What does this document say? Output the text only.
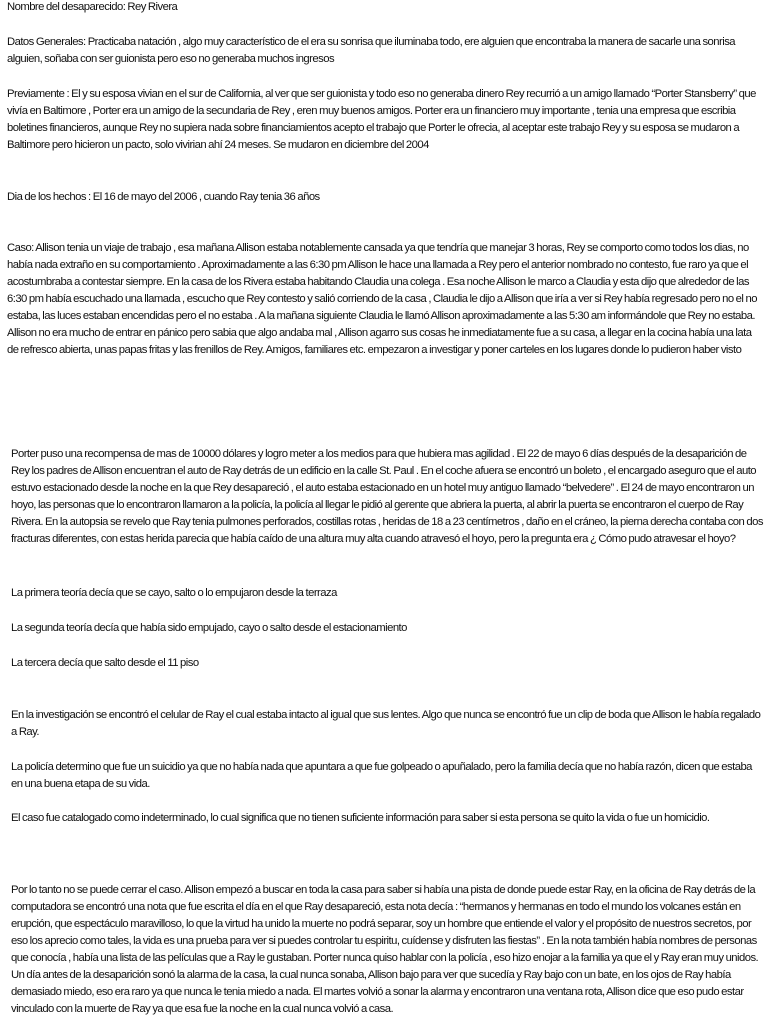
Nombre del desaparecido: Rey Rivera

Datos Generales: Practicaba natación , algo muy característico de el era su sonrisa que iluminaba todo, ere alguien que encontraba la manera de sacarle una sonrisa alguien, soñaba con ser guionista pero eso no generaba muchos ingresos

Previamente : El y su esposa vivian en el sur de California, al ver que ser guionista y todo eso no generaba dinero Rey recurrió a un amigo llamado “Porter Stansberry” que vivía en Baltimore , Porter era un amigo de la secundaria de Rey , eren muy buenos amigos. Porter era un financiero muy importante , tenia una empresa que escribia boletines financieros, aunque Rey no supiera nada sobre financiamientos acepto el trabajo que Porter le ofrecia, al aceptar este trabajo Rey y su esposa se mudaron a Baltimore pero hicieron un pacto, solo vivirian ahí 24 meses. Se mudaron en diciembre del 2004

Dia de los hechos : El 16 de mayo del 2006 , cuando Ray tenia 36 años

Caso: Allison tenia un viaje de trabajo , esa mañana Allison estaba notablemente cansada ya que tendría que manejar 3 horas, Rey se comporto como todos los dias, no había nada extraño en su comportamiento . Aproximadamente a las 6:30 pm Allison le hace una llamada a Rey pero el anterior nombrado no contesto, fue raro ya que el acostumbraba a contestar siempre. En la casa de los Rivera estaba habitando Claudia una colega . Esa noche Allison le marco a Claudia y esta dijo que alrededor de las 6:30 pm había escuchado una llamada , escucho que Rey contesto y salió corriendo de la casa , Claudia le dijo a Allison que iría a ver si Rey había regresado pero no el no estaba, las luces estaban encendidas pero el no estaba . A la mañana siguiente Claudia le llamó Allison aproximadamente a las 5:30 am informándole que Rey no estaba. Allison no era mucho de entrar en pánico pero sabia que algo andaba mal , Allison agarro sus cosas he inmediatamente fue a su casa, a llegar en la cocina había una lata de refresco abierta, unas papas fritas y las frenillos de Rey. Amigos, familiares etc. empezaron a investigar y poner carteles en los lugares donde lo pudieron haber visto

Porter puso una recompensa de mas de 10000 dólares y logro meter a los medios para que hubiera mas agilidad . El 22 de mayo 6 días después de la desaparición de Rey los padres de Allison encuentran el auto de Ray detrás de un edificio en la calle St. Paul . En el coche afuera se encontró un boleto , el encargado aseguro que el auto estuvo estacionado desde la noche en la que Rey desapareció , el auto estaba estacionado en un hotel muy antiguo llamado “belvedere” . El 24 de mayo encontraron un hoyo, las personas que lo encontraron llamaron a la policía, la policía al llegar le pidió al gerente que abriera la puerta, al abrir la puerta se encontraron el cuerpo de Ray Rivera. En la autopsia se revelo que Ray tenia pulmones perforados, costillas rotas , heridas de 18 a 23 centímetros , daño en el cráneo, la pierna derecha contaba con dos fracturas diferentes, con estas herida parecia que había caído de una altura muy alta cuando atravesó el hoyo, pero la pregunta era ¿ Cómo pudo atravesar el hoyo?

La primera teoría decía que se cayo, salto o lo empujaron desde la terraza

La segunda teoría decía que había sido empujado, cayo o salto desde el estacionamiento

La tercera decía que salto desde el 11 piso

En la investigación se encontró el celular de Ray el cual estaba intacto al igual que sus lentes. Algo que nunca se encontró fue un clip de boda que Allison le había regalado a Ray.

La policía determino que fue un suicidio ya que no había nada que apuntara a que fue golpeado o apuñalado, pero la familia decía que no había razón, dicen que estaba en una buena etapa de su vida.

El caso fue catalogado como indeterminado, lo cual significa que no tienen suficiente información para saber si esta persona se quito la vida o fue un homicidio.

Por lo tanto no se puede cerrar el caso. Allison empezó a buscar en toda la casa para saber si había una pista de donde puede estar Ray, en la oficina de Ray detrás de la computadora se encontró una nota que fue escrita el día en el que Ray desapareció, esta nota decía : “hermanos y hermanas en todo el mundo los volcanes están en erupción, que espectáculo maravilloso, lo que la virtud ha unido la muerte no podrá separar, soy un hombre que entiende el valor y el propósito de nuestros secretos, por eso los aprecio como tales, la vida es una prueba para ver si puedes controlar tu espiritu, cuídense y disfruten las fiestas” . En la nota también había nombres de personas que conocía , había una lista de las películas que a Ray le gustaban. Porter nunca quiso hablar con la policía , eso hizo enojar a la familia ya que el y Ray eran muy unidos. Un día antes de la desaparición sonó la alarma de la casa, la cual nunca sonaba, Allison bajo para ver que sucedía y Ray bajo con un bate, en los ojos de Ray había demasiado miedo, eso era raro ya que nunca le tenia miedo a nada. El martes volvió a sonar la alarma y encontraron una ventana rota, Allison dice que eso pudo estar vinculado con la muerte de Ray ya que esa fue la noche en la cual nunca volvió a casa.
